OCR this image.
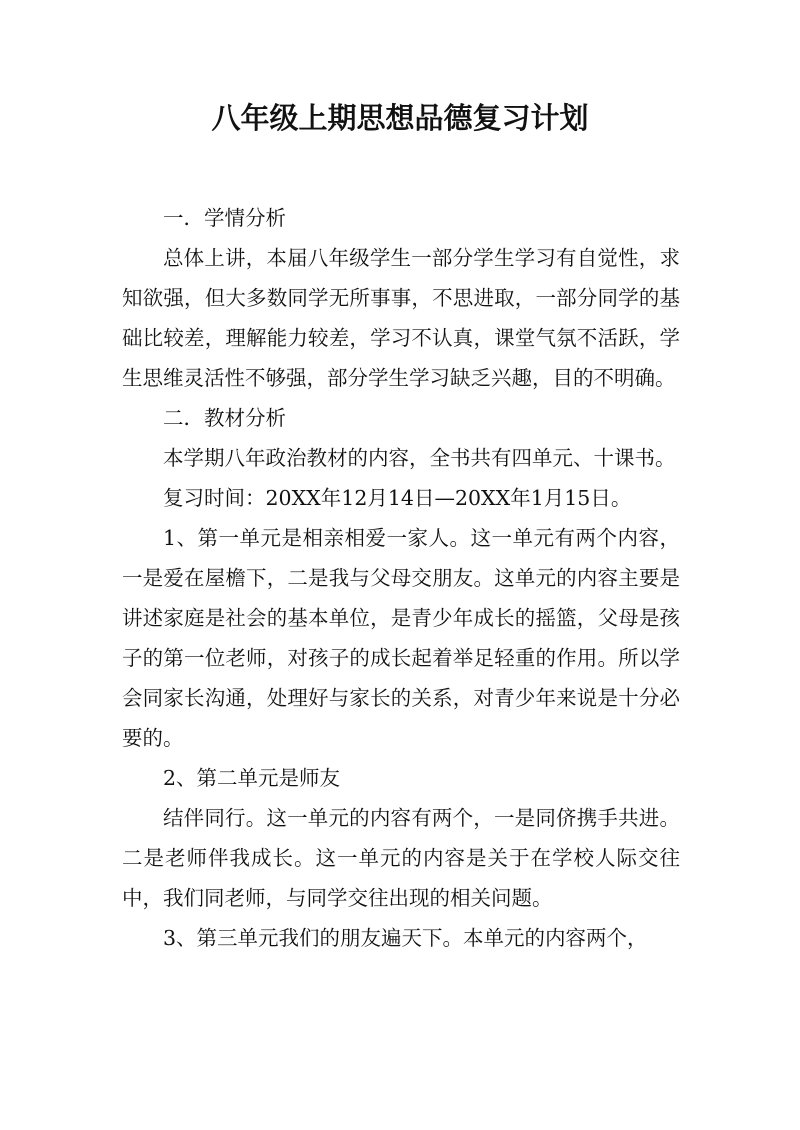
八年级上期思想品德复习计划

一．学情分析

总体上讲，本届八年级学生一部分学生学习有自觉性，求知欲强，但大多数同学无所事事，不思进取，一部分同学的基础比较差，理解能力较差，学习不认真，课堂气氛不活跃，学生思维灵活性不够强，部分学生学习缺乏兴趣，目的不明确。

二．教材分析

本学期八年政治教材的内容，全书共有四单元、十课书。

复习时间：20XX年12月14日—20XX年1月15日。

1、第一单元是相亲相爱一家人。这一单元有两个内容，一是爱在屋檐下，二是我与父母交朋友。这单元的内容主要是讲述家庭是社会的基本单位，是青少年成长的摇篮，父母是孩子的第一位老师，对孩子的成长起着举足轻重的作用。所以学会同家长沟通，处理好与家长的关系，对青少年来说是十分必要的。

2、第二单元是师友

结伴同行。这一单元的内容有两个，一是同侪携手共进。二是老师伴我成长。这一单元的内容是关于在学校人际交往中，我们同老师，与同学交往出现的相关问题。

3、第三单元我们的朋友遍天下。本单元的内容两个，
